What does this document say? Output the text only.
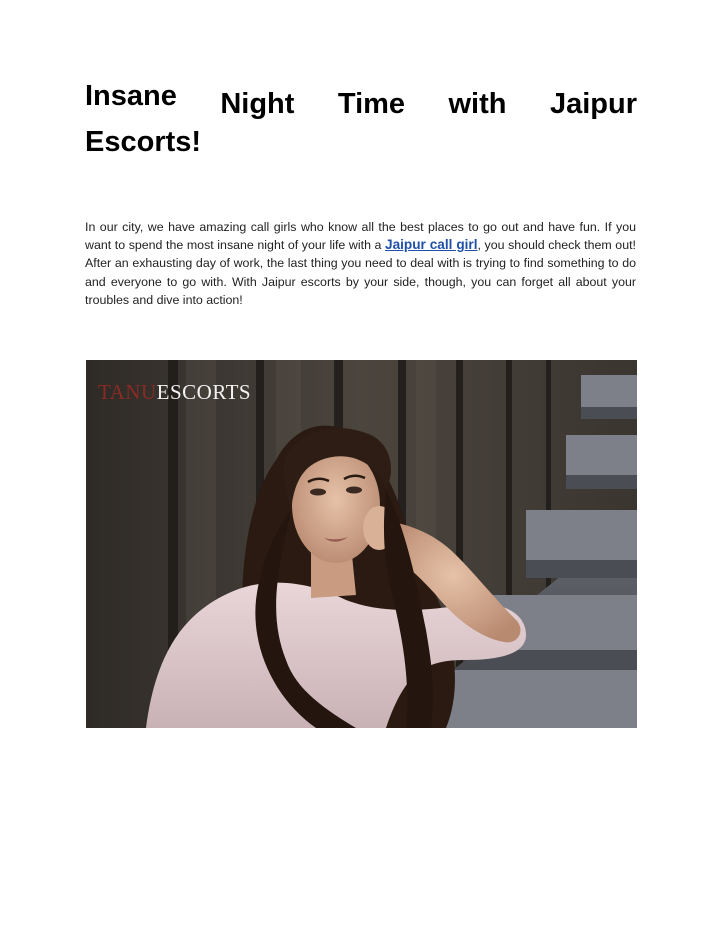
Insane Night Time with Jaipur
Escorts!

In our city, we have amazing call girls who know all the best places to go out and have fun. If you want to spend the most insane night of your life with a Jaipur call girl, you should check them out! After an exhausting day of work, the last thing you need to deal with is trying to find something to do and everyone to go with. With Jaipur escorts by your side, though, you can forget all about your troubles and dive into action!

TANUESCORTS
